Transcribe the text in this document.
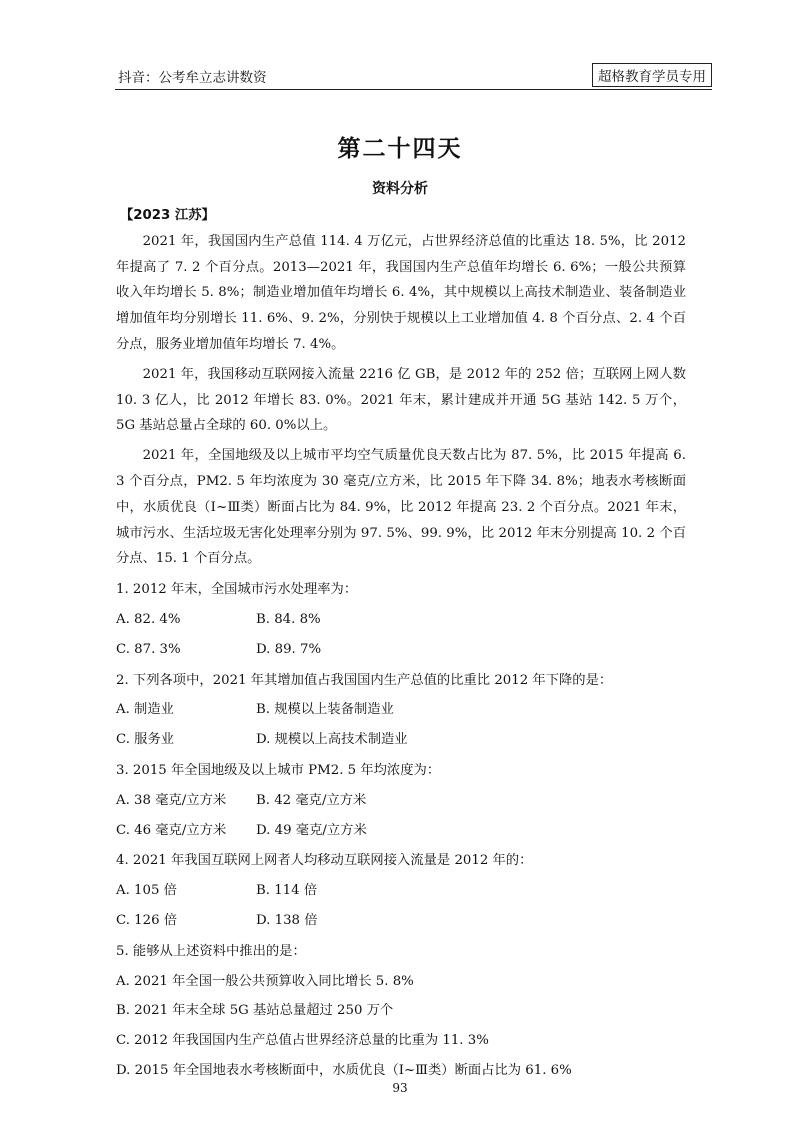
抖音：公考牟立志讲数资	超格教育学员专用
第二十四天
资料分析
【2023 江苏】

2021 年，我国国内生产总值 114. 4 万亿元，占世界经济总值的比重达 18. 5%，比 2012 年提高了 7. 2 个百分点。2013—2021 年，我国国内生产总值年均增长 6. 6%；一般公共预算收入年均增长 5. 8%；制造业增加值年均增长 6. 4%，其中规模以上高技术制造业、装备制造业增加值年均分别增长 11. 6%、9. 2%，分别快于规模以上工业增加值 4. 8 个百分点、2. 4 个百分点，服务业增加值年均增长 7. 4%。

2021 年，我国移动互联网接入流量 2216 亿 GB，是 2012 年的 252 倍；互联网上网人数 10. 3 亿人，比 2012 年增长 83. 0%。2021 年末，累计建成并开通 5G 基站 142. 5 万个，5G 基站总量占全球的 60. 0%以上。

2021 年，全国地级及以上城市平均空气质量优良天数占比为 87. 5%，比 2015 年提高 6. 3 个百分点，PM2. 5 年均浓度为 30 毫克/立方米，比 2015 年下降 34. 8%；地表水考核断面中，水质优良（Ⅰ~Ⅲ类）断面占比为 84. 9%，比 2012 年提高 23. 2 个百分点。2021 年末，城市污水、生活垃圾无害化处理率分别为 97. 5%、99. 9%，比 2012 年末分别提高 10. 2 个百分点、15. 1 个百分点。

1. 2012 年末，全国城市污水处理率为：
A. 82. 4%	B. 84. 8%
C. 87. 3%	D. 89. 7%
2. 下列各项中，2021 年其增加值占我国国内生产总值的比重比 2012 年下降的是：
A. 制造业	B. 规模以上装备制造业
C. 服务业	D. 规模以上高技术制造业
3. 2015 年全国地级及以上城市 PM2. 5 年均浓度为：
A. 38 毫克/立方米	B. 42 毫克/立方米
C. 46 毫克/立方米	D. 49 毫克/立方米
4. 2021 年我国互联网上网者人均移动互联网接入流量是 2012 年的：
A. 105 倍	B. 114 倍
C. 126 倍	D. 138 倍
5. 能够从上述资料中推出的是：
A. 2021 年全国一般公共预算收入同比增长 5. 8%
B. 2021 年末全球 5G 基站总量超过 250 万个
C. 2012 年我国国内生产总值占世界经济总量的比重为 11. 3%
D. 2015 年全国地表水考核断面中，水质优良（Ⅰ~Ⅲ类）断面占比为 61. 6%
93
